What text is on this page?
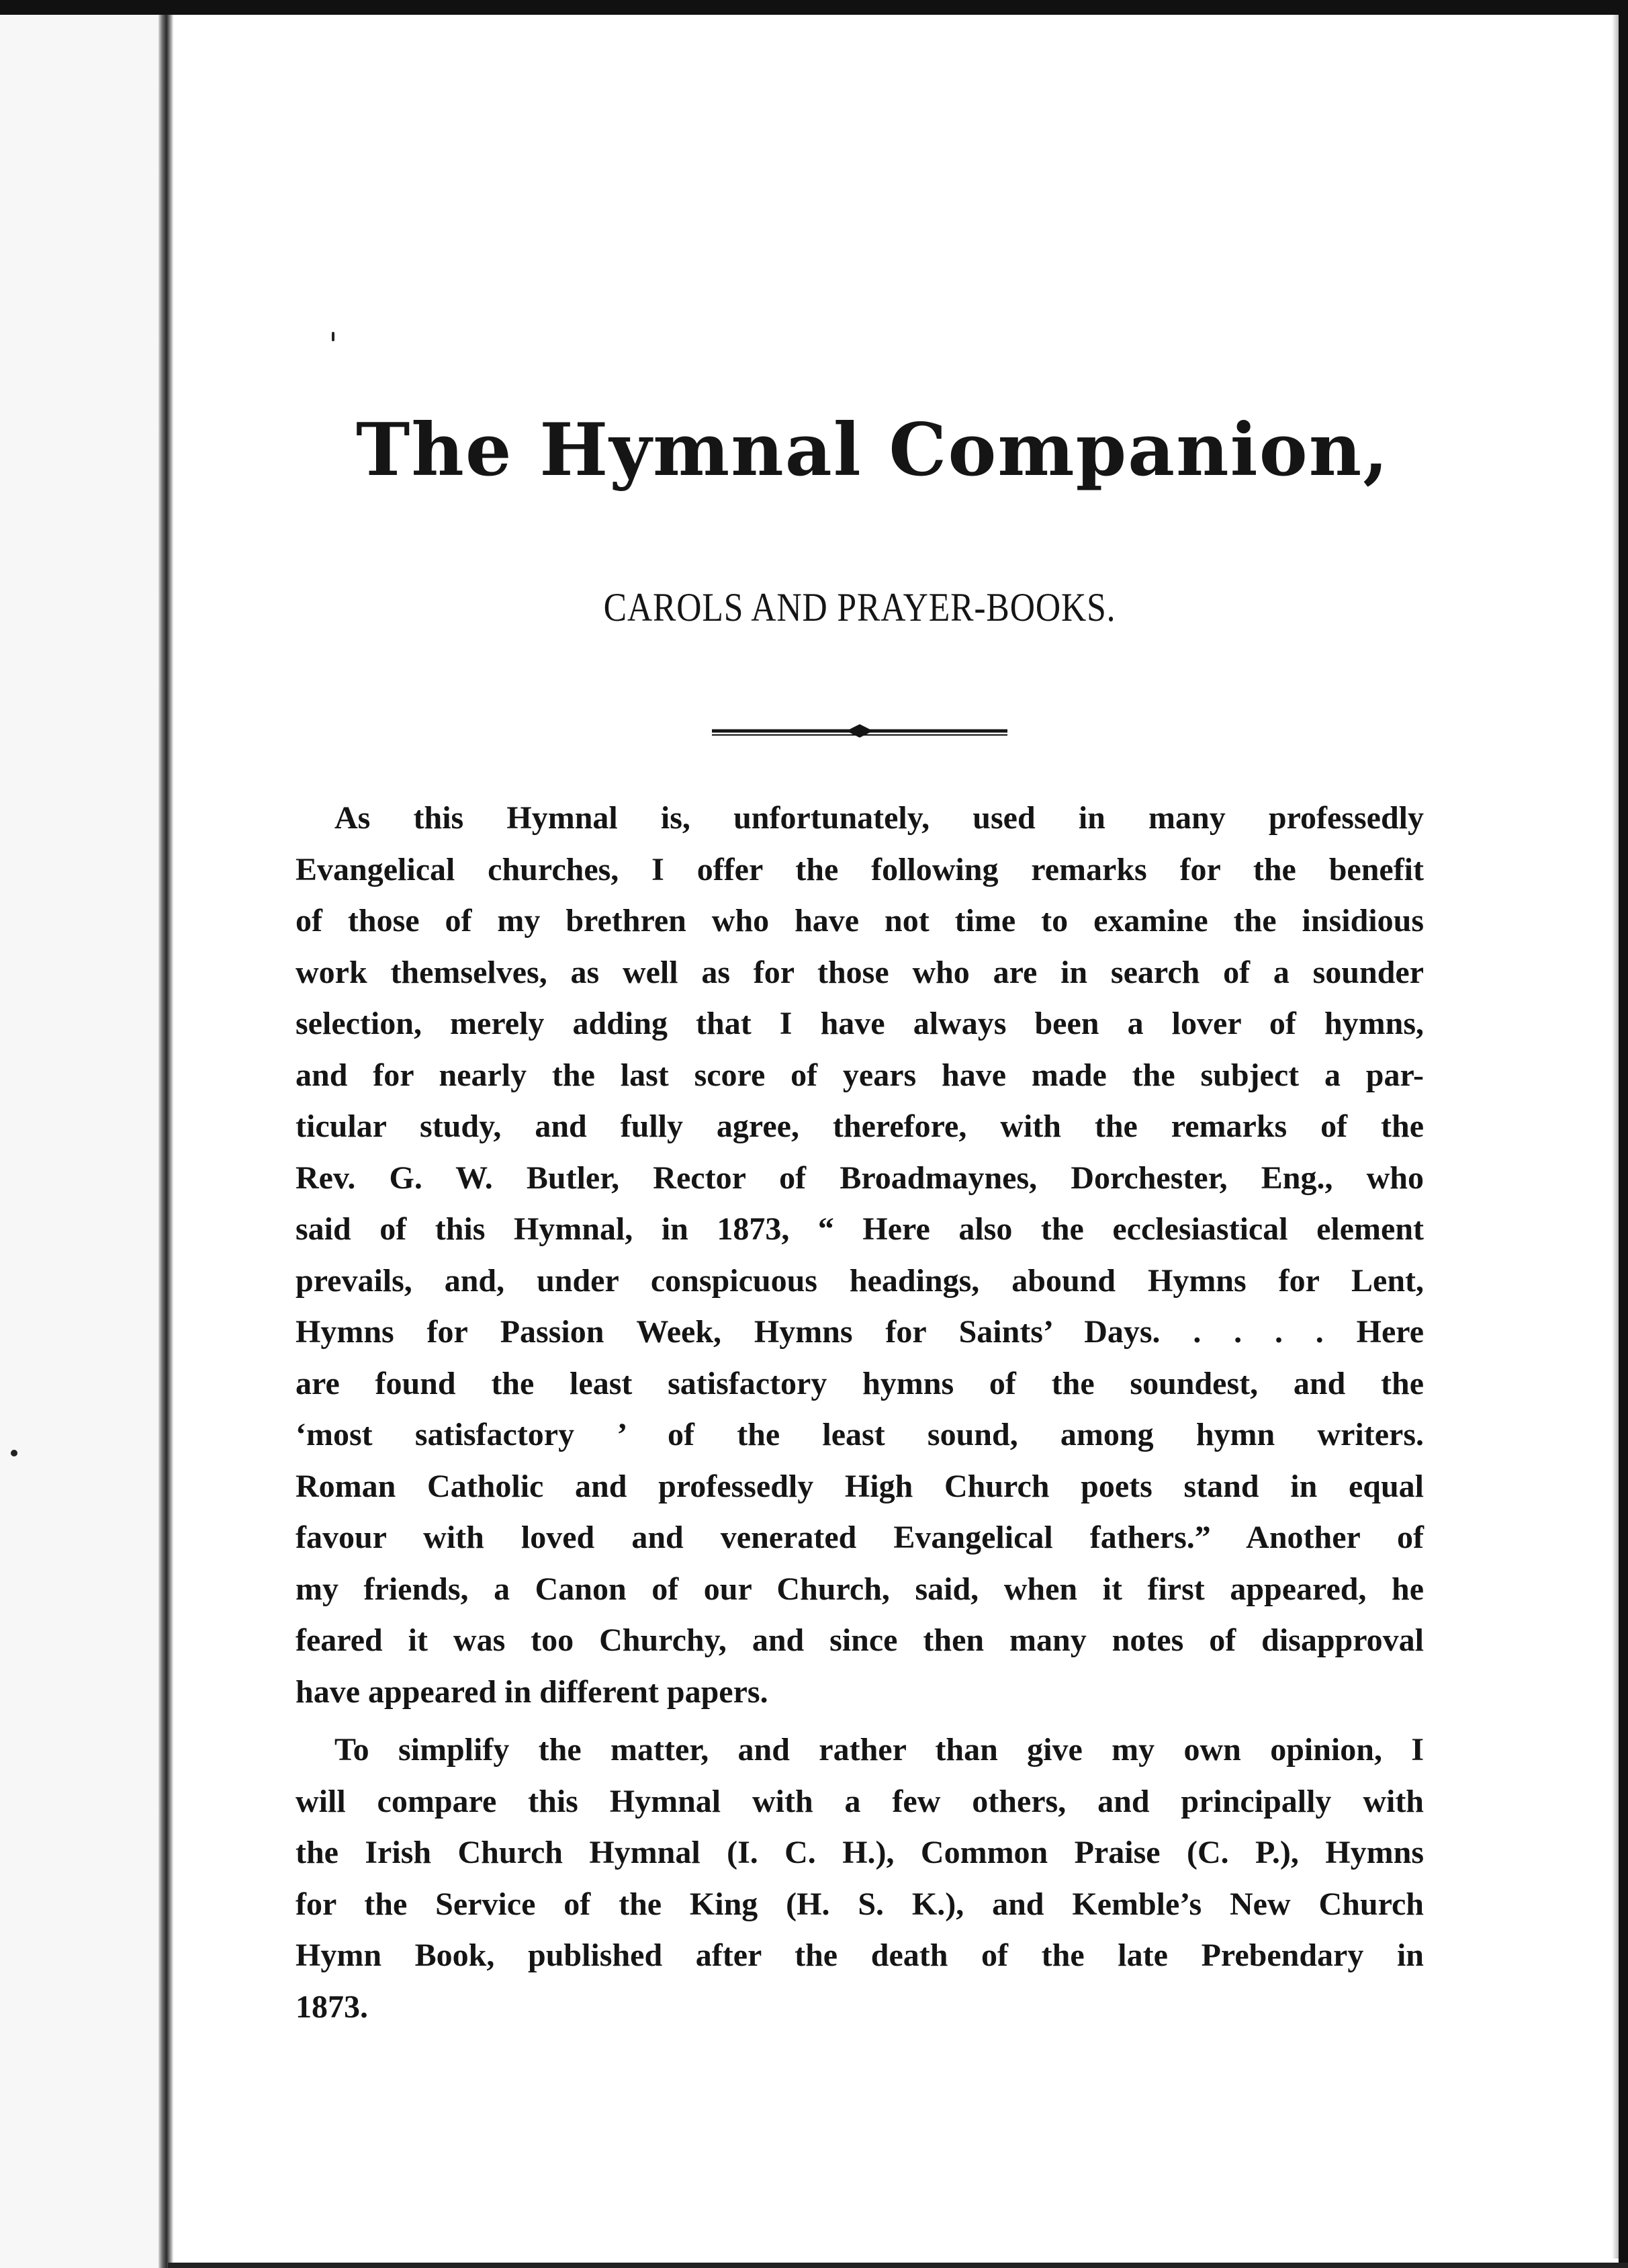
The Hymnal Companion,
CAROLS AND PRAYER-BOOKS.

As this Hymnal is, unfortunately, used in many professedly
Evangelical churches, I offer the following remarks for the benefit
of those of my brethren who have not time to examine the insidious
work themselves, as well as for those who are in search of a sounder
selection, merely adding that I have always been a lover of hymns,
and for nearly the last score of years have made the subject a par-
ticular study, and fully agree, therefore, with the remarks of the
Rev. G. W. Butler, Rector of Broadmaynes, Dorchester, Eng., who
said of this Hymnal, in 1873, “ Here also the ecclesiastical element
prevails, and, under conspicuous headings, abound Hymns for Lent,
Hymns for Passion Week, Hymns for Saints’ Days. . . . . Here
are found the least satisfactory hymns of the soundest, and the
‘most satisfactory ’ of the least sound, among hymn writers.
Roman Catholic and professedly High Church poets stand in equal
favour with loved and venerated Evangelical fathers.” Another of
my friends, a Canon of our Church, said, when it first appeared, he
feared it was too Churchy, and since then many notes of disapproval
have appeared in different papers.

To simplify the matter, and rather than give my own opinion, I
will compare this Hymnal with a few others, and principally with
the Irish Church Hymnal (I. C. H.), Common Praise (C. P.), Hymns
for the Service of the King (H. S. K.), and Kemble’s New Church
Hymn Book, published after the death of the late Prebendary in
1873.
